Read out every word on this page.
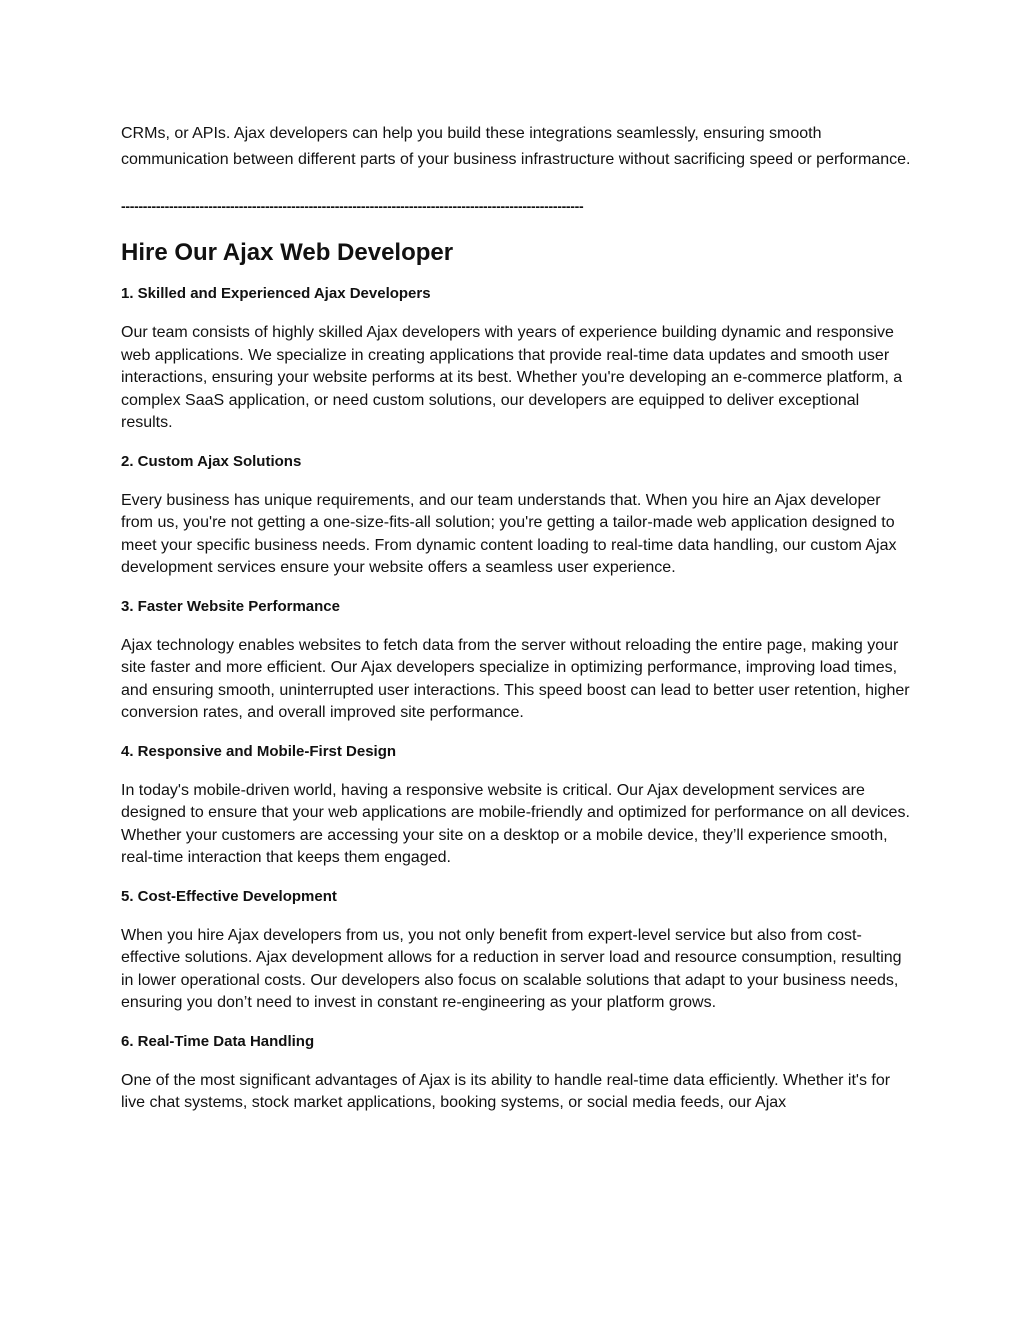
CRMs, or APIs. Ajax developers can help you build these integrations seamlessly, ensuring smooth communication between different parts of your business infrastructure without sacrificing speed or performance.

----------------------------------------------------------------------------------------------------------
Hire Our Ajax Web Developer

1. Skilled and Experienced Ajax Developers

Our team consists of highly skilled Ajax developers with years of experience building dynamic and responsive web applications. We specialize in creating applications that provide real-time data updates and smooth user interactions, ensuring your website performs at its best. Whether you're developing an e-commerce platform, a complex SaaS application, or need custom solutions, our developers are equipped to deliver exceptional results.

2. Custom Ajax Solutions

Every business has unique requirements, and our team understands that. When you hire an Ajax developer from us, you're not getting a one-size-fits-all solution; you're getting a tailor-made web application designed to meet your specific business needs. From dynamic content loading to real-time data handling, our custom Ajax development services ensure your website offers a seamless user experience.

3. Faster Website Performance

Ajax technology enables websites to fetch data from the server without reloading the entire page, making your site faster and more efficient. Our Ajax developers specialize in optimizing performance, improving load times, and ensuring smooth, uninterrupted user interactions. This speed boost can lead to better user retention, higher conversion rates, and overall improved site performance.

4. Responsive and Mobile-First Design

In today's mobile-driven world, having a responsive website is critical. Our Ajax development services are designed to ensure that your web applications are mobile-friendly and optimized for performance on all devices. Whether your customers are accessing your site on a desktop or a mobile device, they’ll experience smooth, real-time interaction that keeps them engaged.

5. Cost-Effective Development

When you hire Ajax developers from us, you not only benefit from expert-level service but also from cost-effective solutions. Ajax development allows for a reduction in server load and resource consumption, resulting in lower operational costs. Our developers also focus on scalable solutions that adapt to your business needs, ensuring you don’t need to invest in constant re-engineering as your platform grows.

6. Real-Time Data Handling

One of the most significant advantages of Ajax is its ability to handle real-time data efficiently. Whether it's for live chat systems, stock market applications, booking systems, or social media feeds, our Ajax
